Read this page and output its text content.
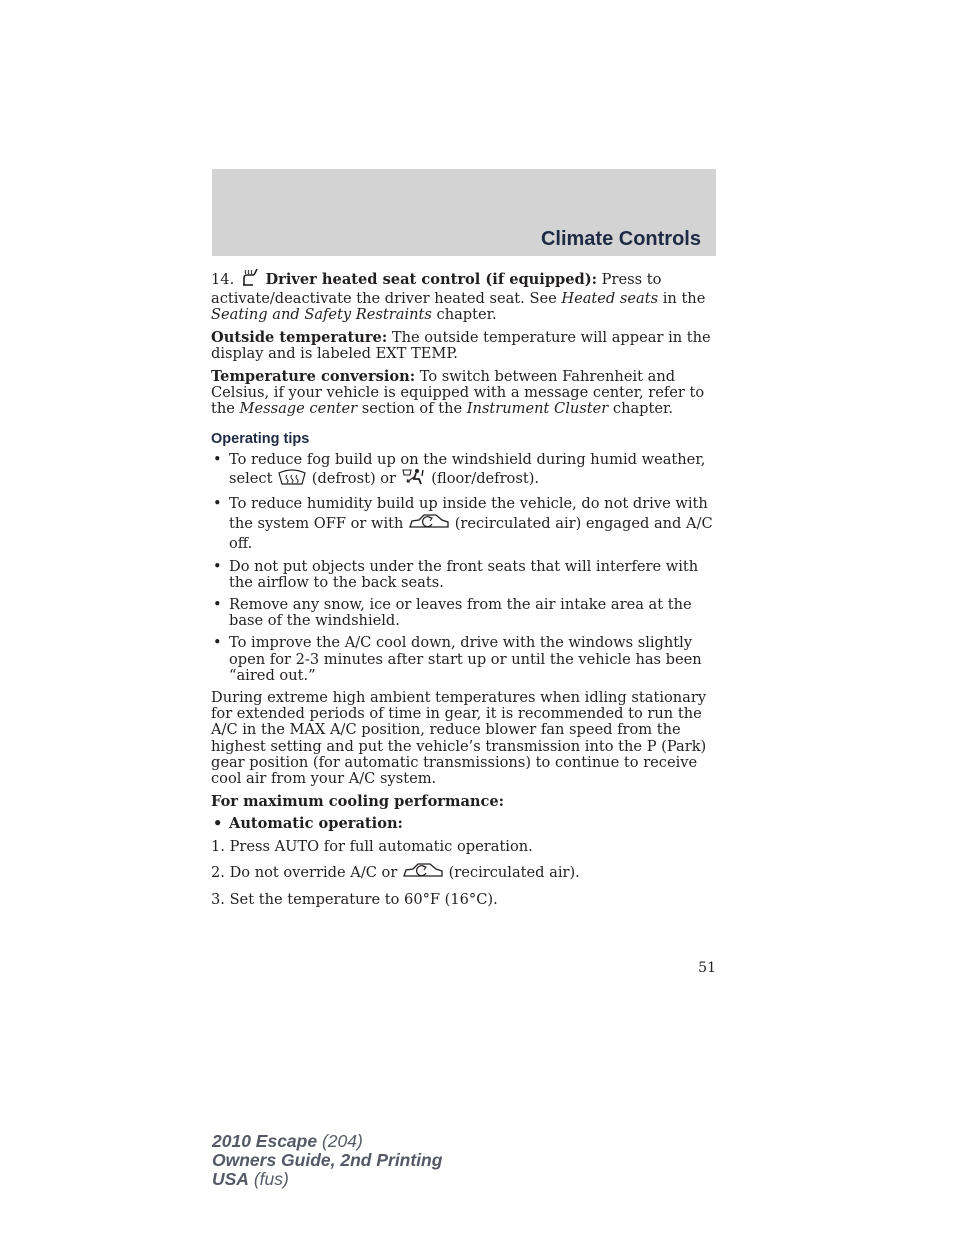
Climate Controls

14. Driver heated seat control (if equipped): Press to activate/deactivate the driver heated seat. See Heated seats in the Seating and Safety Restraints chapter.

Outside temperature: The outside temperature will appear in the display and is labeled EXT TEMP.

Temperature conversion: To switch between Fahrenheit and Celsius, if your vehicle is equipped with a message center, refer to the Message center section of the Instrument Cluster chapter.

Operating tips
• To reduce fog build up on the windshield during humid weather, select  (defrost) or  (floor/defrost).
• To reduce humidity build up inside the vehicle, do not drive with the system OFF or with	(recirculated air) engaged and A/C off.
• Do not put objects under the front seats that will interfere with the airflow to the back seats.
• Remove any snow, ice or leaves from the air intake area at the base of the windshield.
• To improve the A/C cool down, drive with the windows slightly open for 2-3 minutes after start up or until the vehicle has been “aired out.”

During extreme high ambient temperatures when idling stationary for extended periods of time in gear, it is recommended to run the A/C in the MAX A/C position, reduce blower fan speed from the highest setting and put the vehicle’s transmission into the P (Park) gear position (for automatic transmissions) to continue to receive cool air from your A/C system.

For maximum cooling performance:

• Automatic operation:

1. Press AUTO for full automatic operation.

2. Do not override A/C or	(recirculated air).

3. Set the temperature to 60°F (16°C).

51
2010 Escape (204)
Owners Guide, 2nd Printing
USA (fus)
